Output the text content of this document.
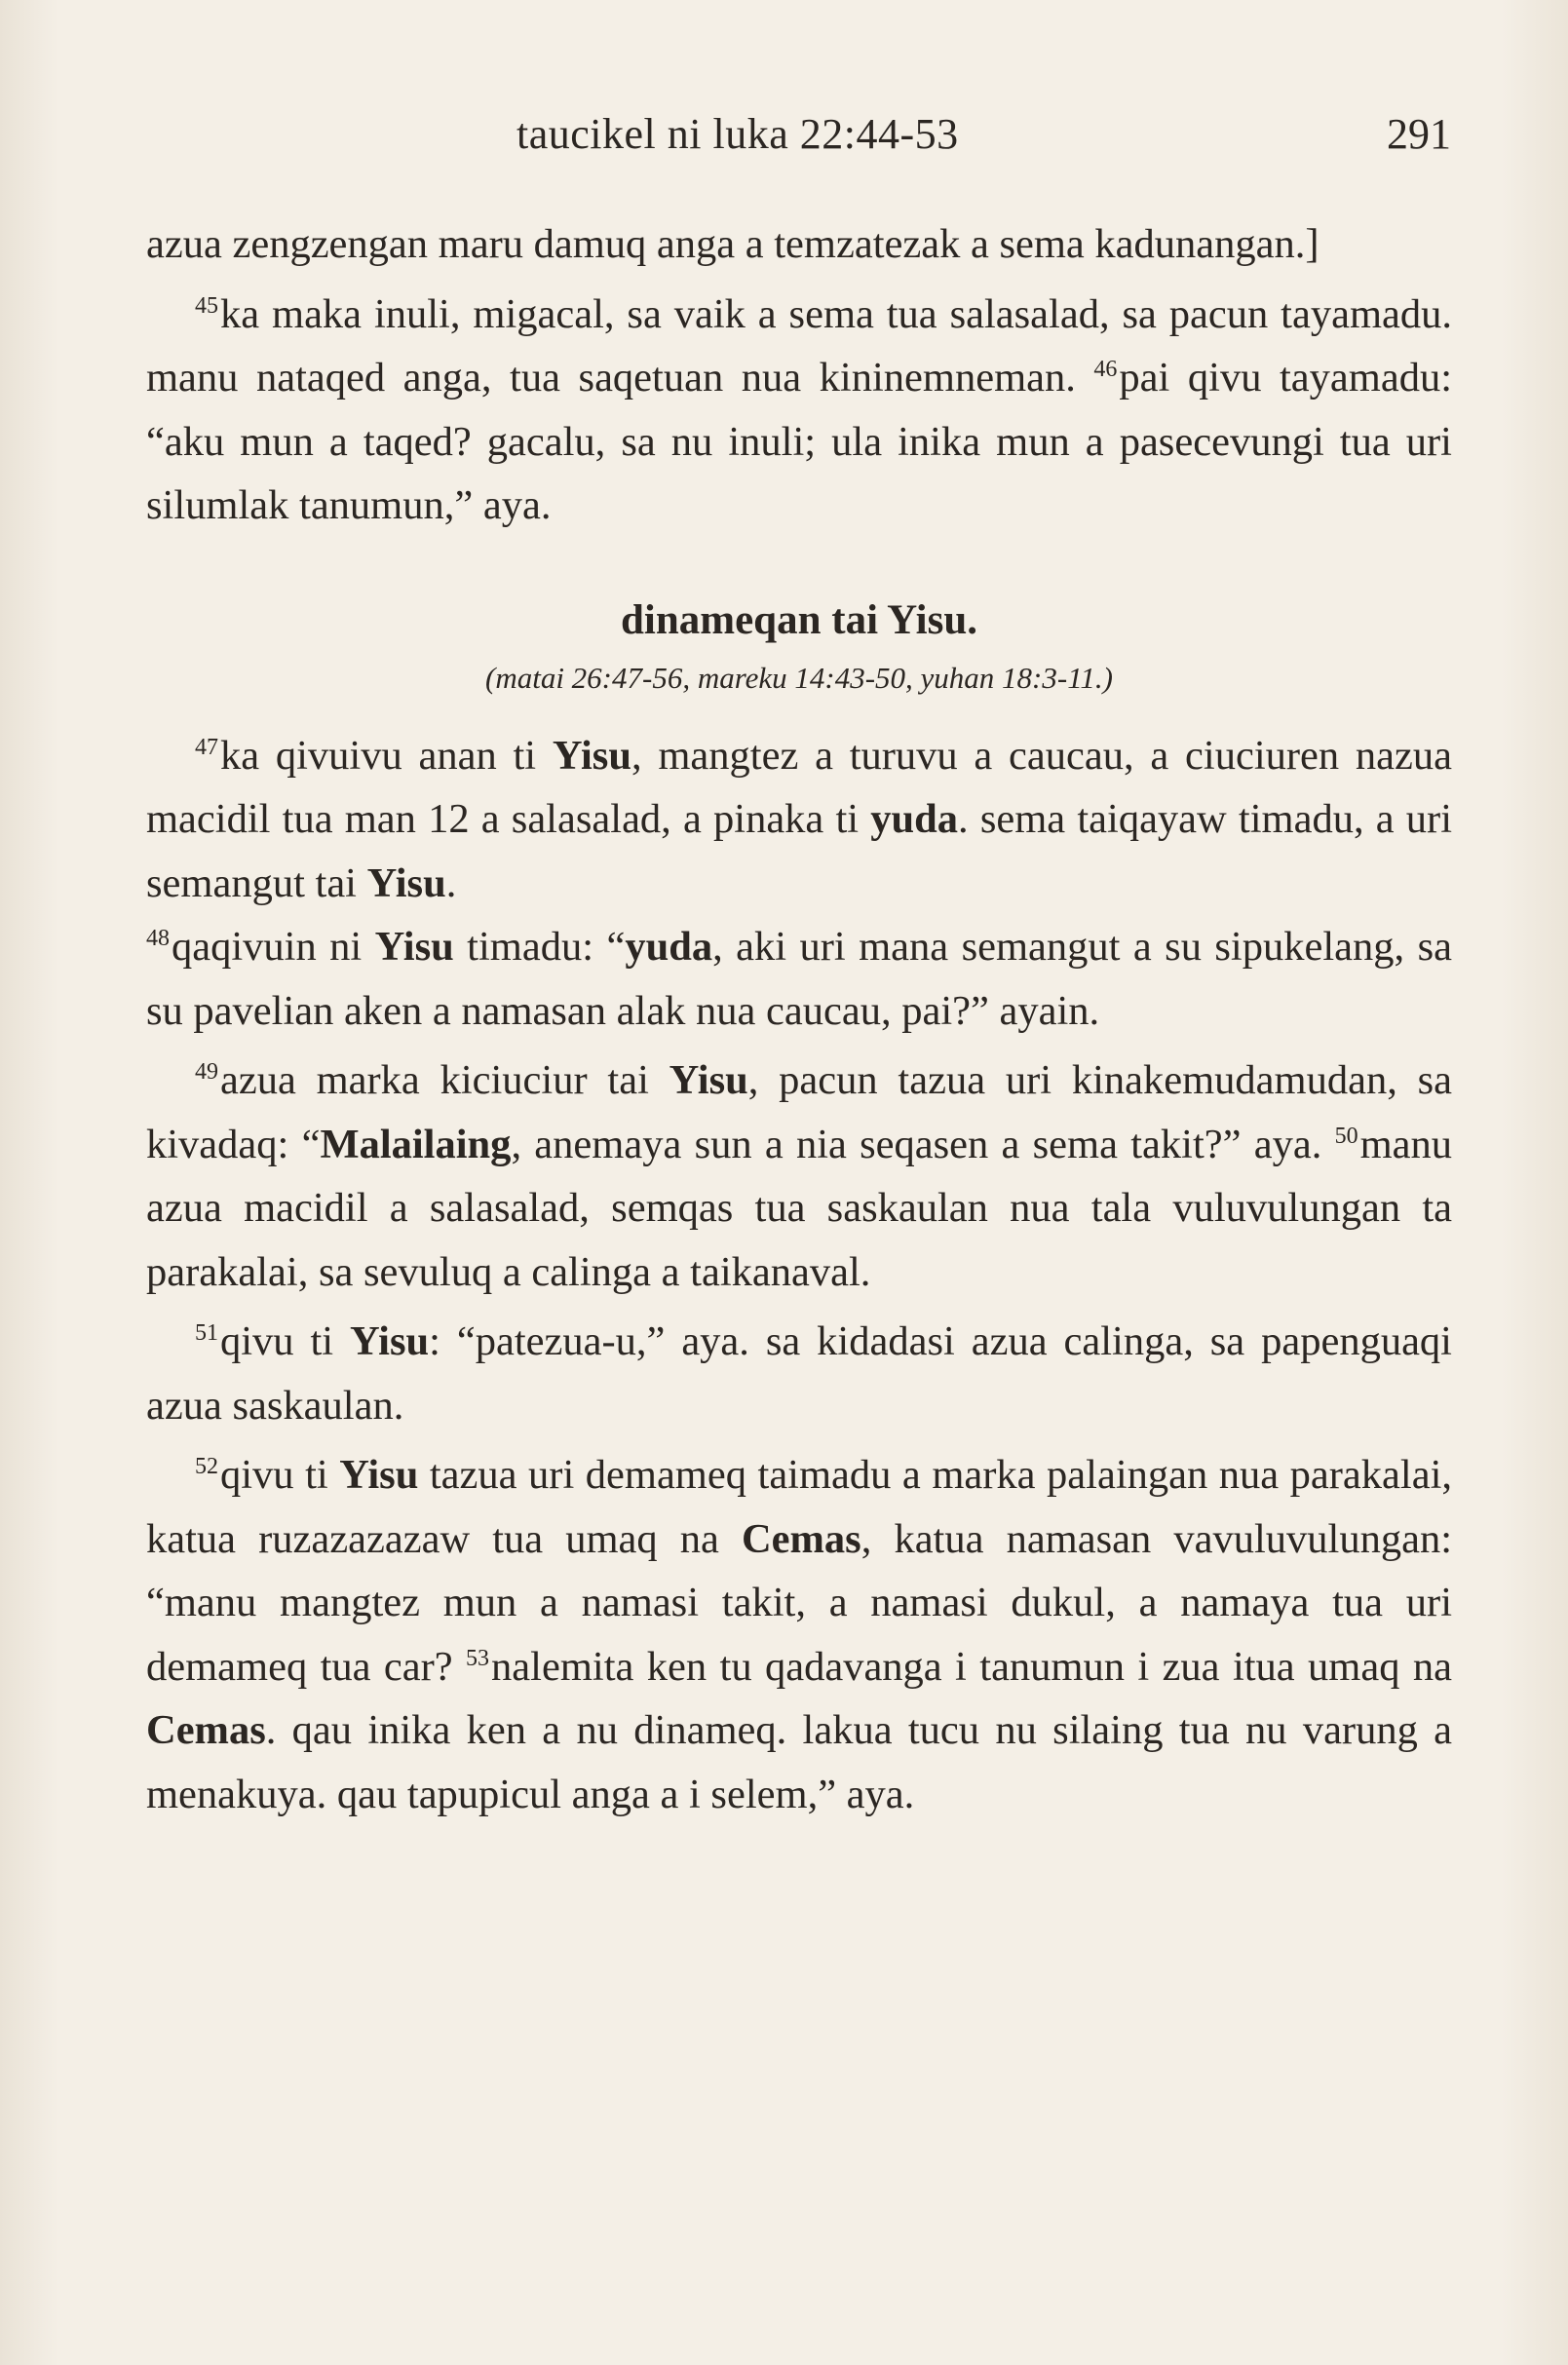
taucikel ni luka 22:44-53	291

azua zengzengan maru damuq anga a temzatezak a sema kadunangan.]

$^{45}$ka maka inuli, migacal, sa vaik a sema tua salasalad, sa pacun tayamadu. manu nataqed anga, tua saqetuan nua kininemneman. $^{46}$pai qivu tayamadu: “aku mun a taqed? gacalu, sa nu inuli; ula inika mun a pasecevungi tua uri silumlak tanumun,” aya.

dinameqan tai Yisu.
(matai 26:47-56, mareku 14:43-50, yuhan 18:3-11.)

$^{47}$ka qivuivu anan ti Yisu, mangtez a turuvu a caucau, a ciuciuren nazua macidil tua man 12 a salasalad, a pinaka ti yuda. sema taiqayaw timadu, a uri semangut tai Yisu.
$^{48}$qaqivuin ni Yisu timadu: “yuda, aki uri mana semangut a su sipukelang, sa su pavelian aken a namasan alak nua caucau, pai?” ayain.

$^{49}$azua marka kiciuciur tai Yisu, pacun tazua uri kinakemudamudan, sa kivadaq: “Malailaing, anemaya sun a nia seqasen a sema takit?” aya. $^{50}$manu azua macidil a salasalad, semqas tua saskaulan nua tala vuluvulungan ta parakalai, sa sevuluq a calinga a taikanaval.

$^{51}$qivu ti Yisu: “patezua-u,” aya. sa kidadasi azua calinga, sa papenguaqi azua saskaulan.

$^{52}$qivu ti Yisu tazua uri demameq taimadu a marka palaingan nua parakalai, katua ruzazazazaw tua umaq na Cemas, katua namasan vavuluvulungan: “manu mangtez mun a namasi takit, a namasi dukul, a namaya tua uri demameq tua car? $^{53}$nalemita ken tu qadavanga i tanumun i zua itua umaq na Cemas. qau inika ken a nu dinameq. lakua tucu nu silaing tua nu varung a menakuya. qau tapupicul anga a i selem,” aya.
